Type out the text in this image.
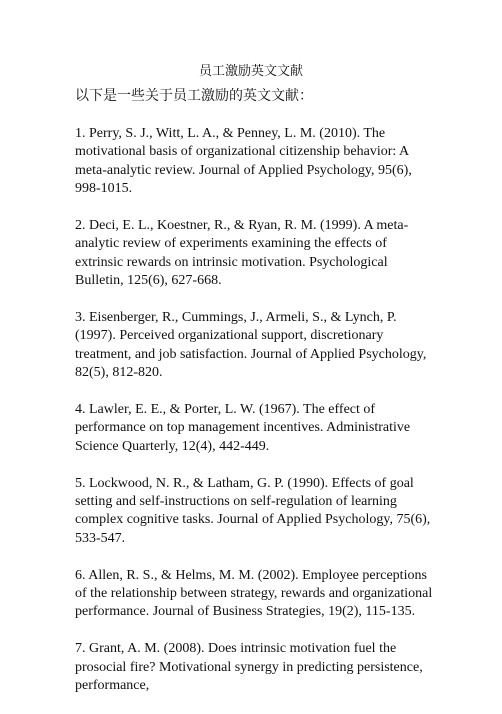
员工激励英文文献

以下是一些关于员工激励的英文文献：

1. Perry, S. J., Witt, L. A., & Penney, L. M. (2010). The motivational basis of organizational citizenship behavior: A meta-analytic review. Journal of Applied Psychology, 95(6), 998-1015.
2. Deci, E. L., Koestner, R., & Ryan, R. M. (1999). A meta-analytic review of experiments examining the effects of extrinsic rewards on intrinsic motivation. Psychological Bulletin, 125(6), 627-668.
3. Eisenberger, R., Cummings, J., Armeli, S., & Lynch, P. (1997). Perceived organizational support, discretionary treatment, and job satisfaction. Journal of Applied Psychology, 82(5), 812-820.
4. Lawler, E. E., & Porter, L. W. (1967). The effect of performance on top management incentives. Administrative Science Quarterly, 12(4), 442-449.
5. Lockwood, N. R., & Latham, G. P. (1990). Effects of goal setting and self-instructions on self-regulation of learning complex cognitive tasks. Journal of Applied Psychology, 75(6), 533-547.
6. Allen, R. S., & Helms, M. M. (2002). Employee perceptions of the relationship between strategy, rewards and organizational performance. Journal of Business Strategies, 19(2), 115-135.
7. Grant, A. M. (2008). Does intrinsic motivation fuel the prosocial fire? Motivational synergy in predicting persistence, performance,
